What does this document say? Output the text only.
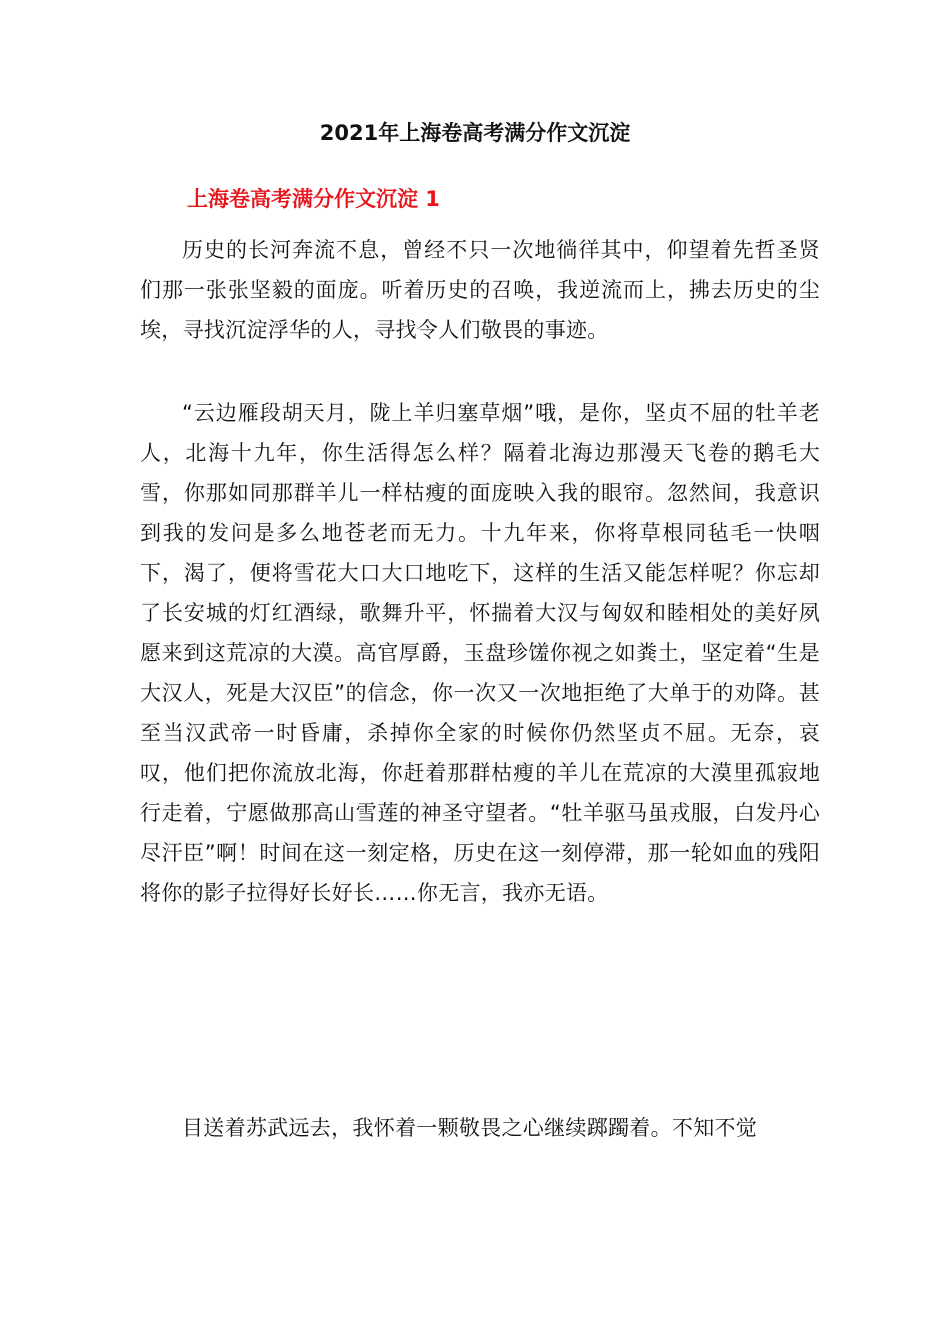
2021年上海卷高考满分作文沉淀
上海卷高考满分作文沉淀 1

历史的长河奔流不息，曾经不只一次地徜徉其中，仰望着先哲圣贤们那一张张坚毅的面庞。听着历史的召唤，我逆流而上，拂去历史的尘埃，寻找沉淀浮华的人，寻找令人们敬畏的事迹。

“云边雁段胡天月，陇上羊归塞草烟”哦，是你，坚贞不屈的牡羊老人，北海十九年，你生活得怎么样？隔着北海边那漫天飞卷的鹅毛大雪，你那如同那群羊儿一样枯瘦的面庞映入我的眼帘。忽然间，我意识到我的发问是多么地苍老而无力。十九年来，你将草根同毡毛一快咽下，渴了，便将雪花大口大口地吃下，这样的生活又能怎样呢？你忘却了长安城的灯红酒绿，歌舞升平，怀揣着大汉与匈奴和睦相处的美好夙愿来到这荒凉的大漠。高官厚爵，玉盘珍馐你视之如粪土，坚定着“生是大汉人，死是大汉臣”的信念，你一次又一次地拒绝了大单于的劝降。甚至当汉武帝一时昏庸，杀掉你全家的时候你仍然坚贞不屈。无奈，哀叹，他们把你流放北海，你赶着那群枯瘦的羊儿在荒凉的大漠里孤寂地行走着，宁愿做那高山雪莲的神圣守望者。“牡羊驱马虽戎服，白发丹心尽汗臣”啊！时间在这一刻定格，历史在这一刻停滞，那一轮如血的残阳将你的影子拉得好长好长……你无言，我亦无语。

目送着苏武远去，我怀着一颗敬畏之心继续踯躅着。不知不觉
